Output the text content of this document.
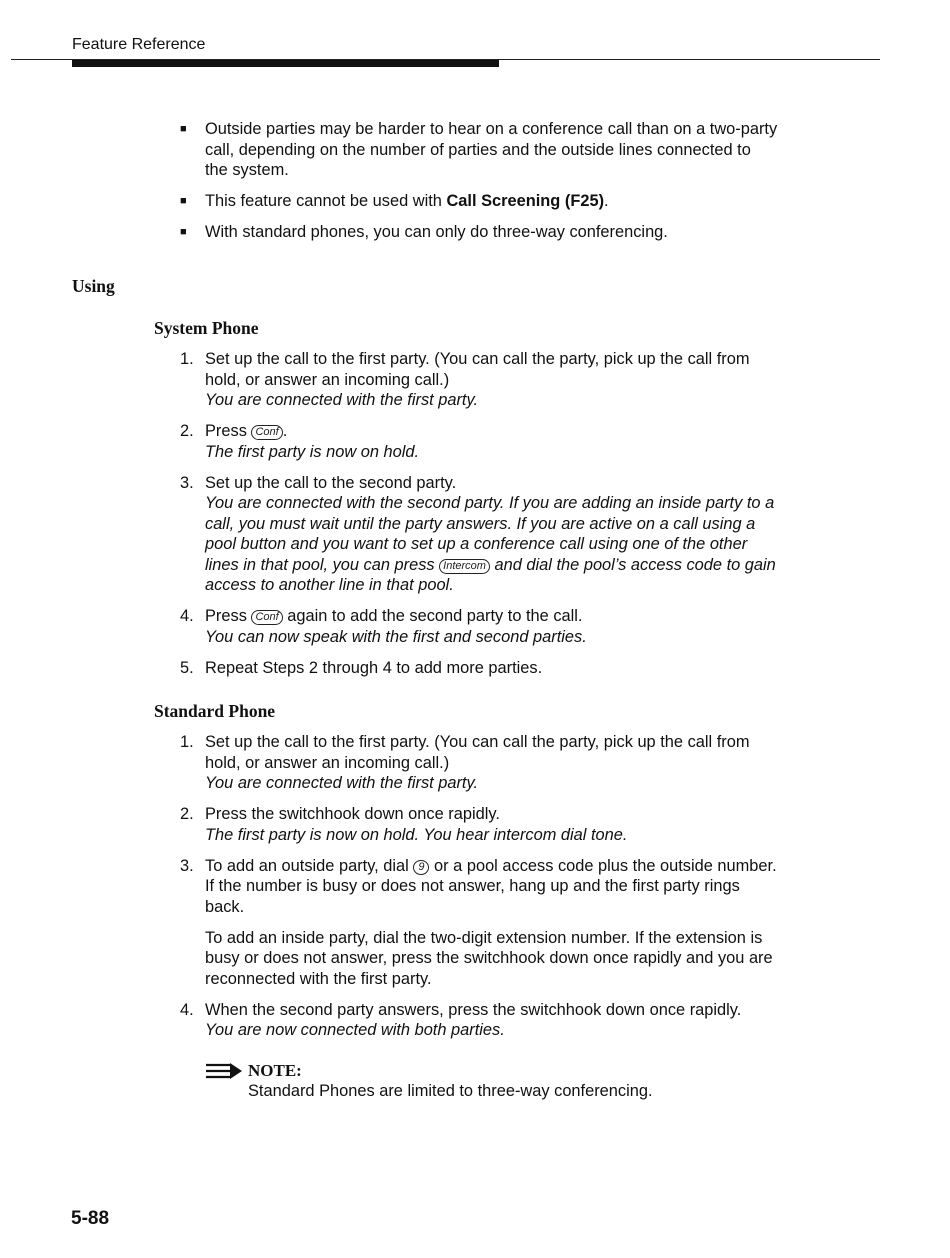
Feature Reference
■ Outside parties may be harder to hear on a conference call than on a two-party call, depending on the number of parties and the outside lines connected to the system.
■ This feature cannot be used with Call Screening (F25).
■ With standard phones, you can only do three-way conferencing.
Using
System Phone
1. Set up the call to the first party. (You can call the party, pick up the call from hold, or answer an incoming call.)
You are connected with the first party.
2. Press Conf .
The first party is now on hold.
3. Set up the call to the second party.
You are connected with the second party. If you are adding an inside party to a call, you must wait until the party answers. If you are active on a call using a pool button and you want to set up a conference call using one of the other lines in that pool, you can press Intercom and dial the pool’s access code to gain access to another line in that pool.
4. Press Conf again to add the second party to the call.
You can now speak with the first and second parties.
5. Repeat Steps 2 through 4 to add more parties.
Standard Phone
1. Set up the call to the first party. (You can call the party, pick up the call from hold, or answer an incoming call.)
You are connected with the first party.
2. Press the switchhook down once rapidly.
The first party is now on hold. You hear intercom dial tone.
3. To add an outside party, dial 9 or a pool access code plus the outside number. If the number is busy or does not answer, hang up and the first party rings back.
To add an inside party, dial the two-digit extension number. If the extension is busy or does not answer, press the switchhook down once rapidly and you are reconnected with the first party.
4. When the second party answers, press the switchhook down once rapidly.
You are now connected with both parties.
NOTE:
Standard Phones are limited to three-way conferencing.
5-88
